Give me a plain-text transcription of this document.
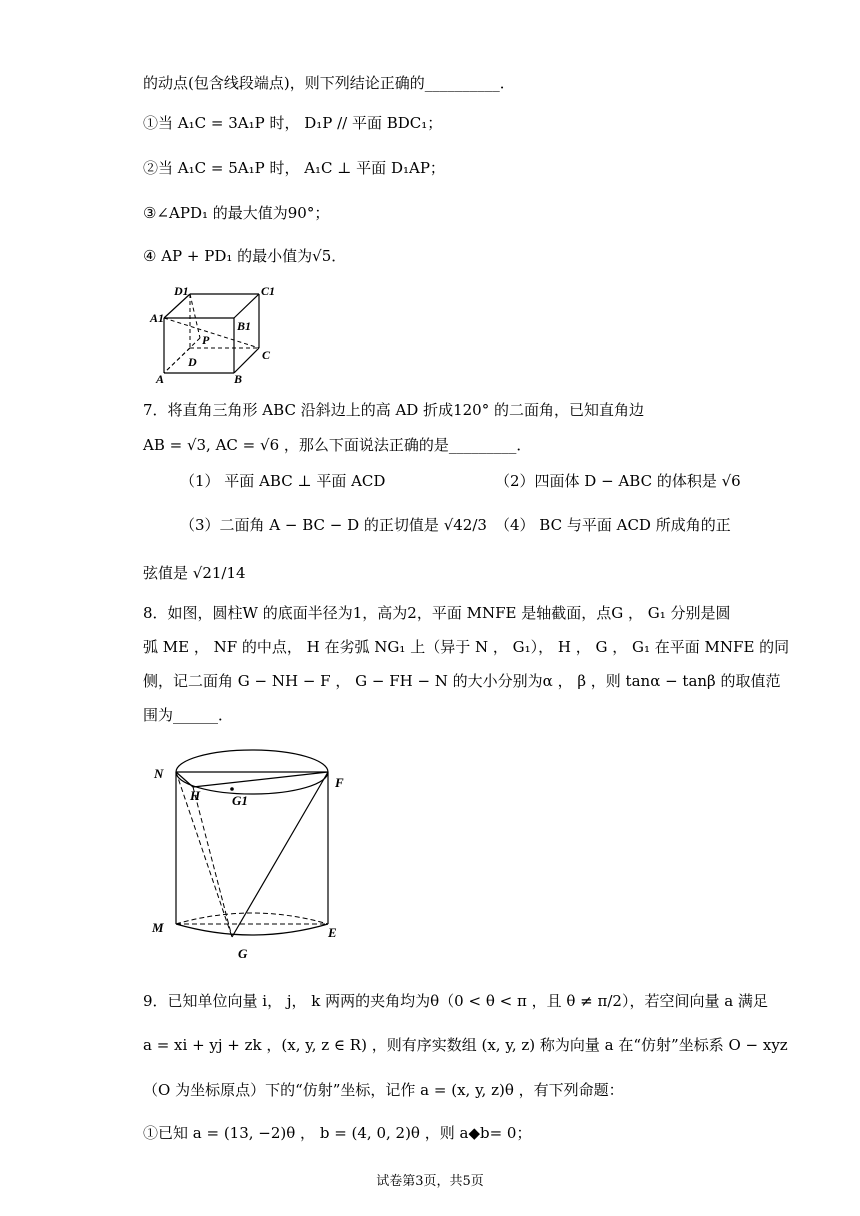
的动点(包含线段端点)，则下列结论正确的__________．
①当 A₁C = 3A₁P 时， D₁P // 平面 BDC₁；
②当 A₁C = 5A₁P 时， A₁C ⊥ 平面 D₁AP；
③∠APD₁ 的最大值为90°；
④ AP + PD₁ 的最小值为√5．
D1	C1
A1
B1
P
C
D
A	B
7．将直角三角形 ABC 沿斜边上的高 AD 折成120° 的二面角，已知直角边
AB = √3, AC = √6 ，那么下面说法正确的是_________．
（1） 平面 ABC ⊥ 平面 ACD	（2）四面体 D − ABC 的体积是 √6
（3）二面角 A − BC − D 的正切值是 √42/3 （4） BC 与平面 ACD 所成角的正
弦值是 √21/14
8．如图，圆柱W 的底面半径为1，高为2，平面 MNFE 是轴截面，点G ， G₁ 分别是圆
弧 ME ， NF 的中点， H 在劣弧 NG₁ 上（异于 N ， G₁）， H ， G ， G₁ 在平面 MNFE 的同
侧，记二面角 G − NH − F ， G − FH − N 的大小分别为α ， β ，则 tanα − tanβ 的取值范
围为______．
N
F
H G1
M	E
G
9．已知单位向量 i， j， k 两两的夹角均为θ（0 < θ < π ，且 θ ≠ π/2），若空间向量 a 满足
a = xi + yj + zk ，(x, y, z ∈ R) ，则有序实数组 (x, y, z) 称为向量 a 在“仿射”坐标系 O − xyz
（O 为坐标原点）下的“仿射”坐标，记作 a = (x, y, z)θ ，有下列命题：
①已知 a = (13, −2)θ ， b = (4, 0, 2)θ ，则 a◆b= 0；
试卷第3页，共5页
